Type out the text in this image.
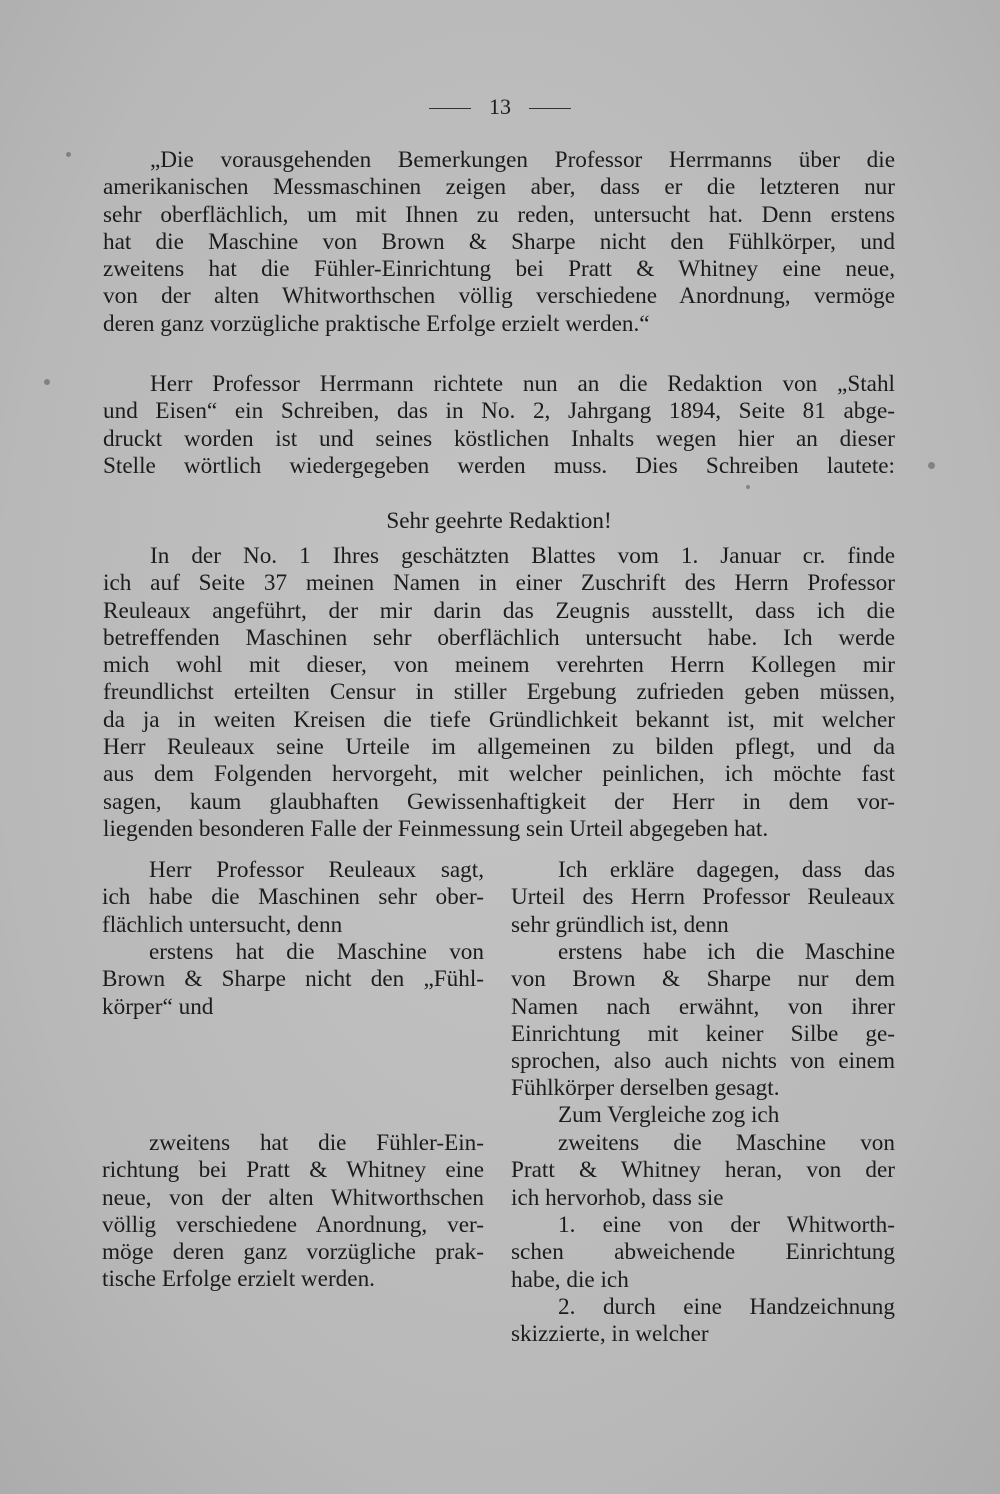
13
„Die vorausgehenden Bemerkungen Professor Herrmanns über die
amerikanischen Messmaschinen zeigen aber, dass er die letzteren nur
sehr oberflächlich, um mit Ihnen zu reden, untersucht hat. Denn erstens
hat die Maschine von Brown & Sharpe nicht den Fühlkörper, und
zweitens hat die Fühler-Einrichtung bei Pratt & Whitney eine neue,
von der alten Whitworthschen völlig verschiedene Anordnung, vermöge
deren ganz vorzügliche praktische Erfolge erzielt werden.“
Herr Professor Herrmann richtete nun an die Redaktion von „Stahl
und Eisen“ ein Schreiben, das in No. 2, Jahrgang 1894, Seite 81 abge-
druckt worden ist und seines köstlichen Inhalts wegen hier an dieser
Stelle wörtlich wiedergegeben werden muss. Dies Schreiben lautete:
Sehr geehrte Redaktion!
In der No. 1 Ihres geschätzten Blattes vom 1. Januar cr. finde
ich auf Seite 37 meinen Namen in einer Zuschrift des Herrn Professor
Reuleaux angeführt, der mir darin das Zeugnis ausstellt, dass ich die
betreffenden Maschinen sehr oberflächlich untersucht habe. Ich werde
mich wohl mit dieser, von meinem verehrten Herrn Kollegen mir
freundlichst erteilten Censur in stiller Ergebung zufrieden geben müssen,
da ja in weiten Kreisen die tiefe Gründlichkeit bekannt ist, mit welcher
Herr Reuleaux seine Urteile im allgemeinen zu bilden pflegt, und da
aus dem Folgenden hervorgeht, mit welcher peinlichen, ich möchte fast
sagen, kaum glaubhaften Gewissenhaftigkeit der Herr in dem vor-
liegenden besonderen Falle der Feinmessung sein Urteil abgegeben hat.
Herr Professor Reuleaux sagt,
ich habe die Maschinen sehr ober-
flächlich untersucht, denn
erstens hat die Maschine von
Brown & Sharpe nicht den „Fühl-
körper“ und
zweitens hat die Fühler-Ein-
richtung bei Pratt & Whitney eine
neue, von der alten Whitworthschen
völlig verschiedene Anordnung, ver-
möge deren ganz vorzügliche prak-
tische Erfolge erzielt werden.
Ich erkläre dagegen, dass das
Urteil des Herrn Professor Reuleaux
sehr gründlich ist, denn
erstens habe ich die Maschine
von Brown & Sharpe nur dem
Namen nach erwähnt, von ihrer
Einrichtung mit keiner Silbe ge-
sprochen, also auch nichts von einem
Fühlkörper derselben gesagt.
Zum Vergleiche zog ich
zweitens die Maschine von
Pratt & Whitney heran, von der
ich hervorhob, dass sie
1. eine von der Whitworth-
schen abweichende Einrichtung
habe, die ich
2. durch eine Handzeichnung
skizzierte, in welcher
